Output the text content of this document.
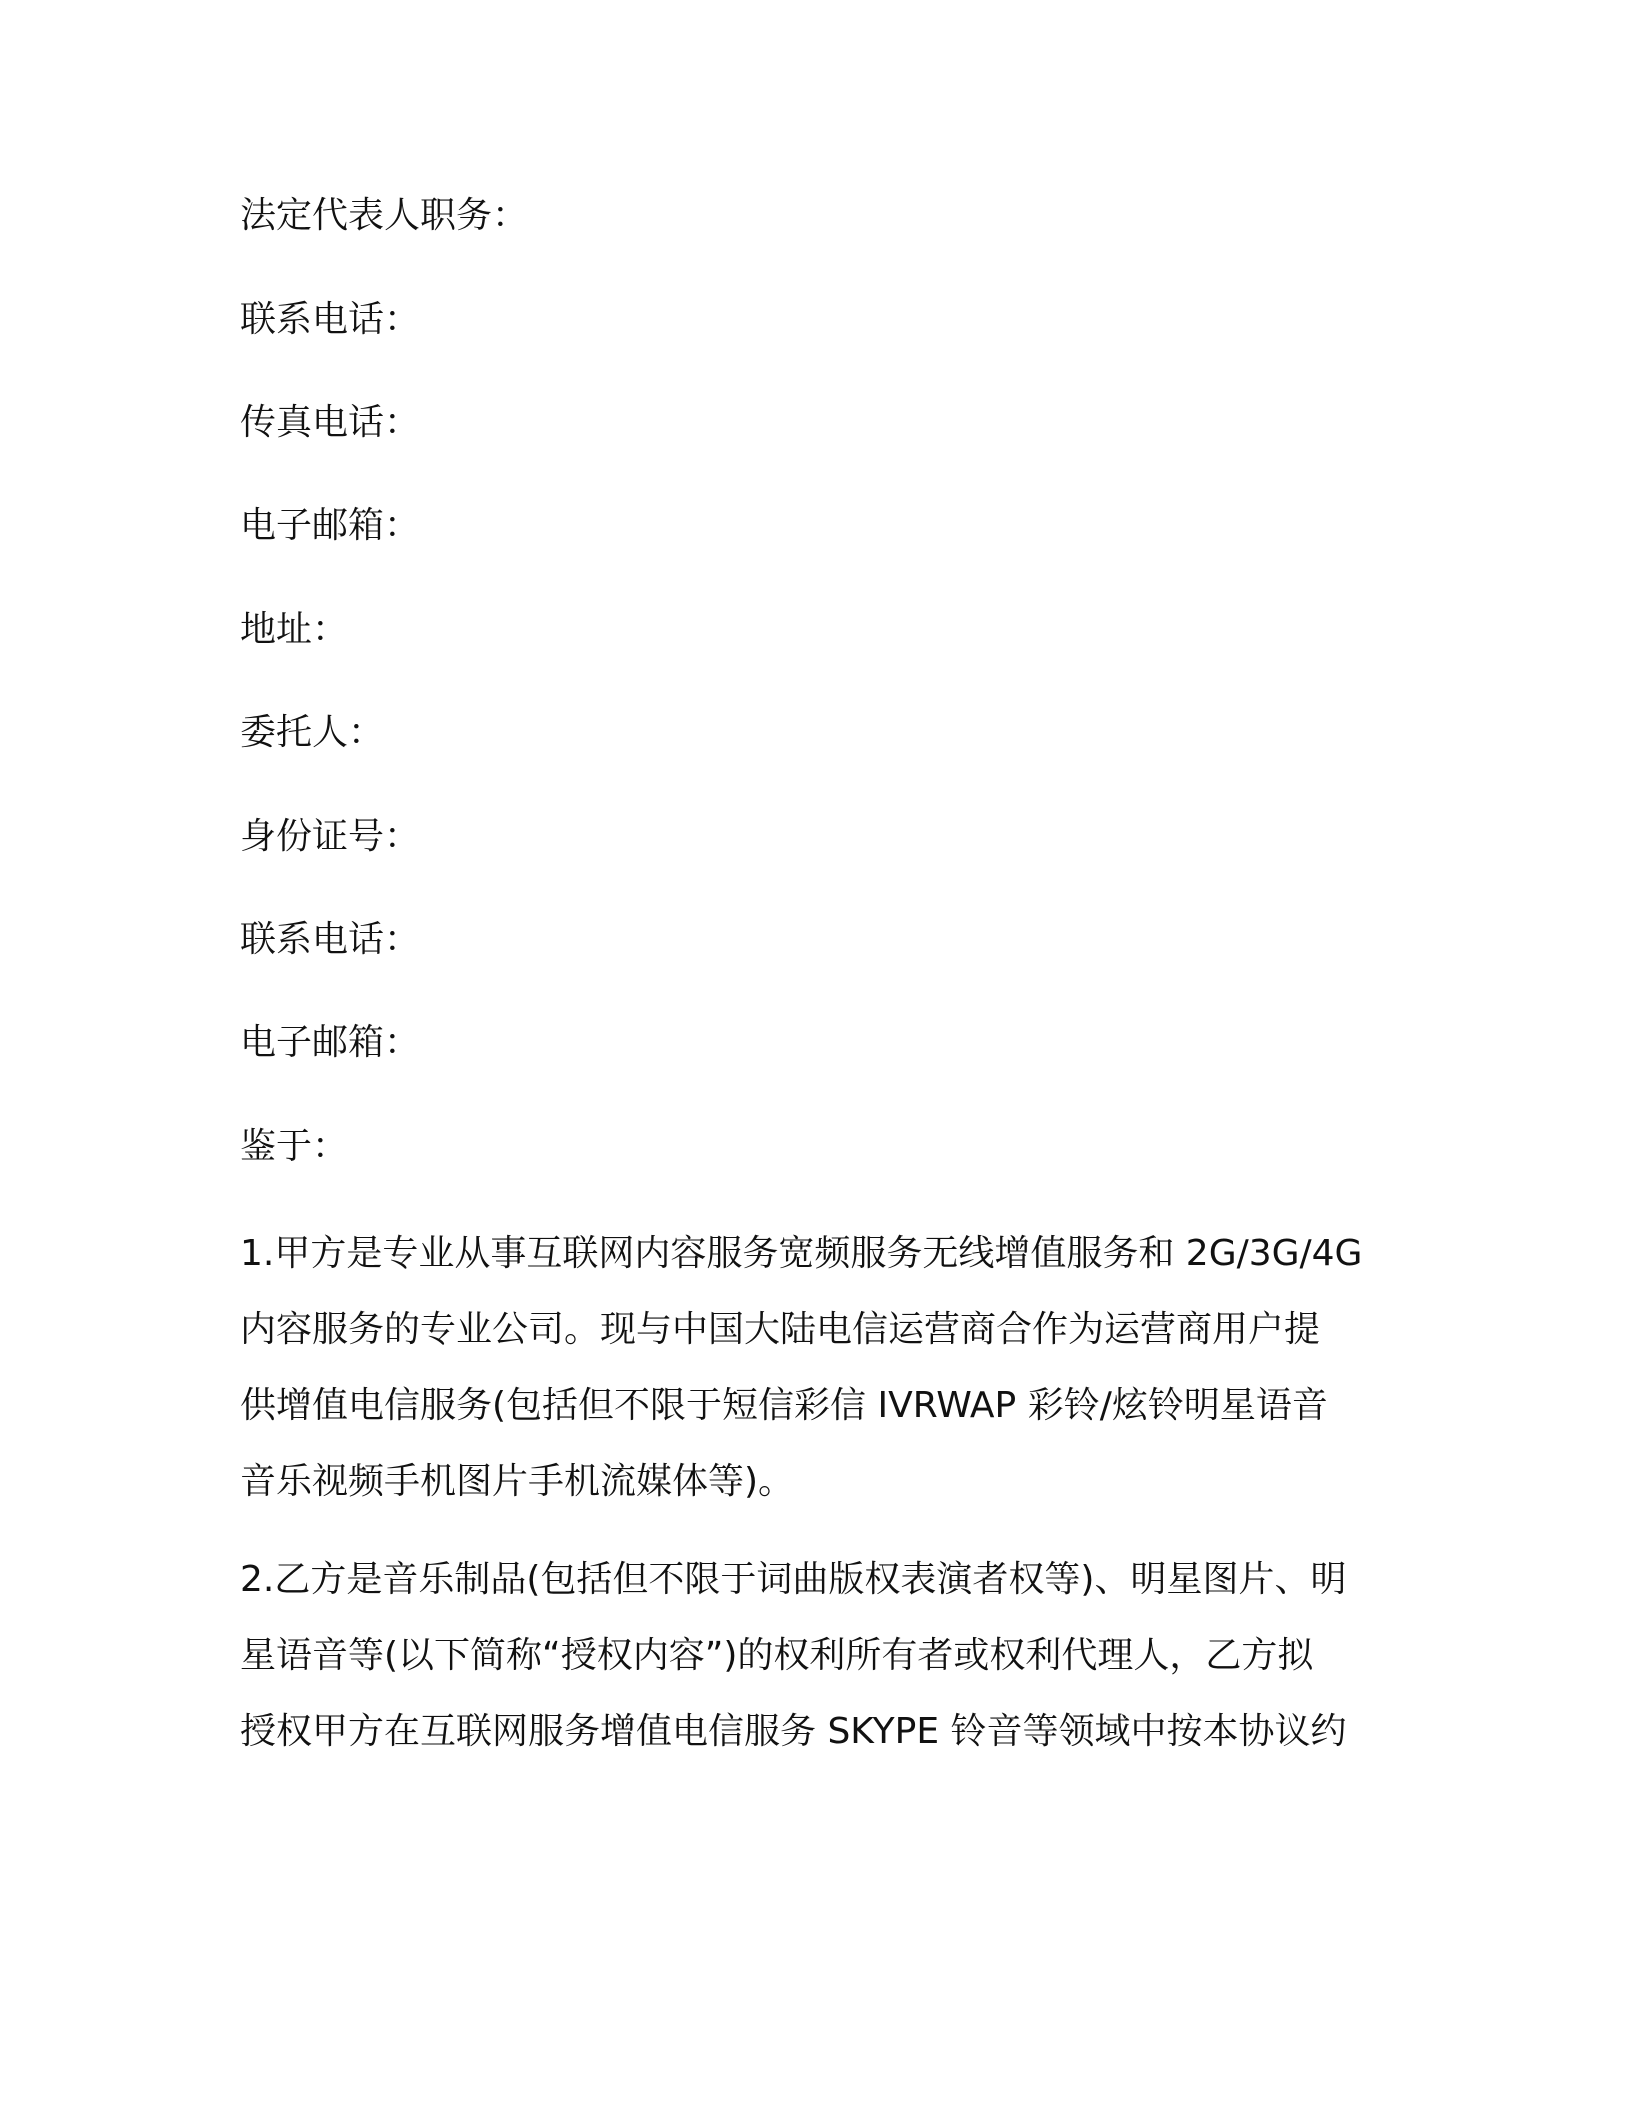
法定代表人职务：

联系电话：

传真电话：

电子邮箱：

地址：

委托人：

身份证号：

联系电话：

电子邮箱：

鉴于：

1.甲方是专业从事互联网内容服务宽频服务无线增值服务和 2G/3G/4G
内容服务的专业公司。现与中国大陆电信运营商合作为运营商用户提
供增值电信服务(包括但不限于短信彩信 IVRWAP 彩铃/炫铃明星语音
音乐视频手机图片手机流媒体等)。
2.乙方是音乐制品(包括但不限于词曲版权表演者权等)、明星图片、明
星语音等(以下简称“授权内容”)的权利所有者或权利代理人，乙方拟
授权甲方在互联网服务增值电信服务 SKYPE 铃音等领域中按本协议约
